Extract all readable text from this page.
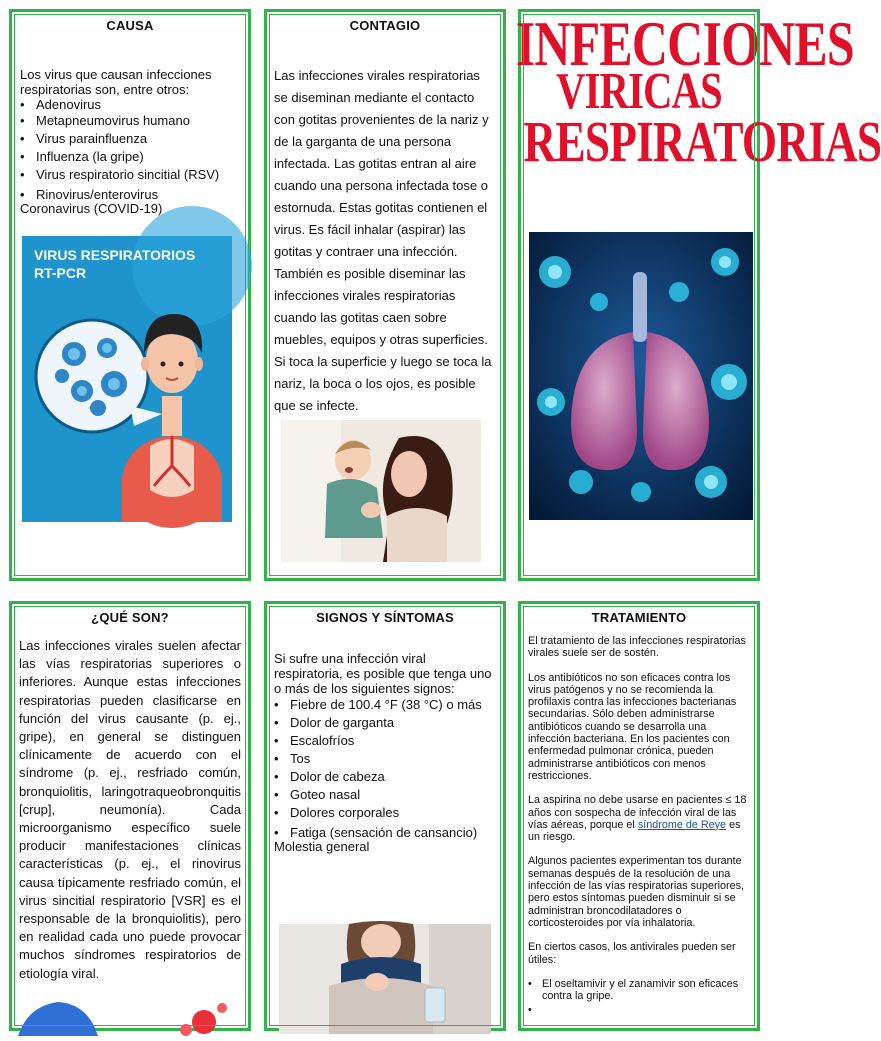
CAUSA

Los virus que causan infecciones respiratorias son, entre otros:

• Adenovirus
• Metapneumovirus humano
• Virus parainfluenza
• Influenza (la gripe)
• Virus respiratorio sincitial (RSV)
• Rinovirus/enterovirus
Coronavirus (COVID-19)
VIRUS RESPIRATORIOS
RT-PCR
CONTAGIO

Las infecciones virales respiratorias se diseminan mediante el contacto con gotitas provenientes de la nariz y de la garganta de una persona infectada. Las gotitas entran al aire cuando una persona infectada tose o estornuda. Estas gotitas contienen el virus. Es fácil inhalar (aspirar) las gotitas y contraer una infección. También es posible diseminar las infecciones virales respiratorias cuando las gotitas caen sobre muebles, equipos y otras superficies. Si toca la superficie y luego se toca la nariz, la boca o los ojos, es posible que se infecte.

INFECCIONES
VIRICAS
RESPIRATORIAS
¿QUÉ SON?

Las infecciones virales suelen afectar las vías respiratorias superiores o inferiores. Aunque estas infecciones respiratorias pueden clasificarse en función del virus causante (p. ej., gripe), en general se distinguen clínicamente de acuerdo con el síndrome (p. ej., resfriado común, bronquiolitis, laringotraqueobronquitis [crup], neumonía). Cada microorganismo específico suele producir manifestaciones clínicas características (p. ej., el rinovirus causa típicamente resfriado común, el virus sincitial respiratorio [VSR] es el responsable de la bronquiolitis), pero en realidad cada uno puede provocar muchos síndromes respiratorios de etiología viral.

SIGNOS Y SÍNTOMAS

Si sufre una infección viral respiratoria, es posible que tenga uno o más de los siguientes signos:

• Fiebre de 100.4 °F (38 °C) o más
• Dolor de garganta
• Escalofríos
• Tos
• Dolor de cabeza
• Goteo nasal
• Dolores corporales
• Fatiga (sensación de cansancio)
Molestia general
TRATAMIENTO

El tratamiento de las infecciones respiratorias virales suele ser de sostén.

Los antibióticos no son eficaces contra los virus patógenos y no se recomienda la profilaxis contra las infecciones bacterianas secundarias. Sólo deben administrarse antibióticos cuando se desarrolla una infección bacteriana. En los pacientes con enfermedad pulmonar crónica, pueden administrarse antibióticos con menos restricciones.

La aspirina no debe usarse en pacientes ≤ 18 años con sospecha de infección viral de las vías aéreas, porque el síndrome de Reye es un riesgo.

Algunos pacientes experimentan tos durante semanas después de la resolución de una infección de las vías respiratorias superiores, pero estos síntomas pueden disminuir si se administran broncodilatadores o corticosteroides por vía inhalatoria.

En ciertos casos, los antivirales pueden ser útiles:

• El oseltamivir y el zanamivir son eficaces contra la gripe.
